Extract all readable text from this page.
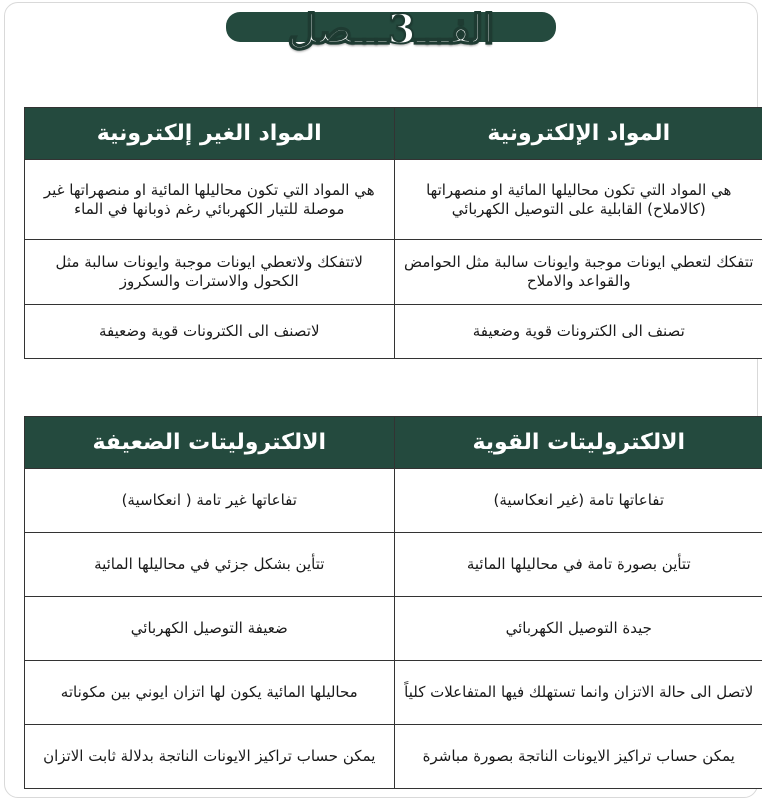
الفـــ3ـــصل
المواد الإلكترونية	المواد الغير إلكترونية
هي المواد التي تكون محاليلها المائية او منصهراتها (كالاملاح) القابلية على التوصيل الكهربائي	هي المواد التي تكون محاليلها المائية او منصهراتها غير موصلة للتيار الكهربائي رغم ذوبانها في الماء
تتفكك لتعطي ايونات موجبة وايونات سالبة مثل الحوامض والقواعد والاملاح	لاتتفكك ولاتعطي ايونات موجبة وايونات سالبة مثل الكحول والاسترات والسكروز
تصنف الى الكترونات قوية وضعيفة	لاتصنف الى الكترونات قوية وضعيفة
الالكتروليتات القوية	الالكتروليتات الضعيفة
تفاعاتها تامة (غير انعكاسية)	تفاعاتها غير تامة ( انعكاسية)
تتأين بصورة تامة في محاليلها المائية	تتأين بشكل جزئي في محاليلها المائية
جيدة التوصيل الكهربائي	ضعيفة التوصيل الكهربائي
لاتصل الى حالة الاتزان وانما تستهلك فيها المتفاعلات كلياً	محاليلها المائية يكون لها اتزان ايوني بين مكوناته
يمكن حساب تراكيز الايونات الناتجة بصورة مباشرة	يمكن حساب تراكيز الايونات الناتجة بدلالة ثابت الاتزان
